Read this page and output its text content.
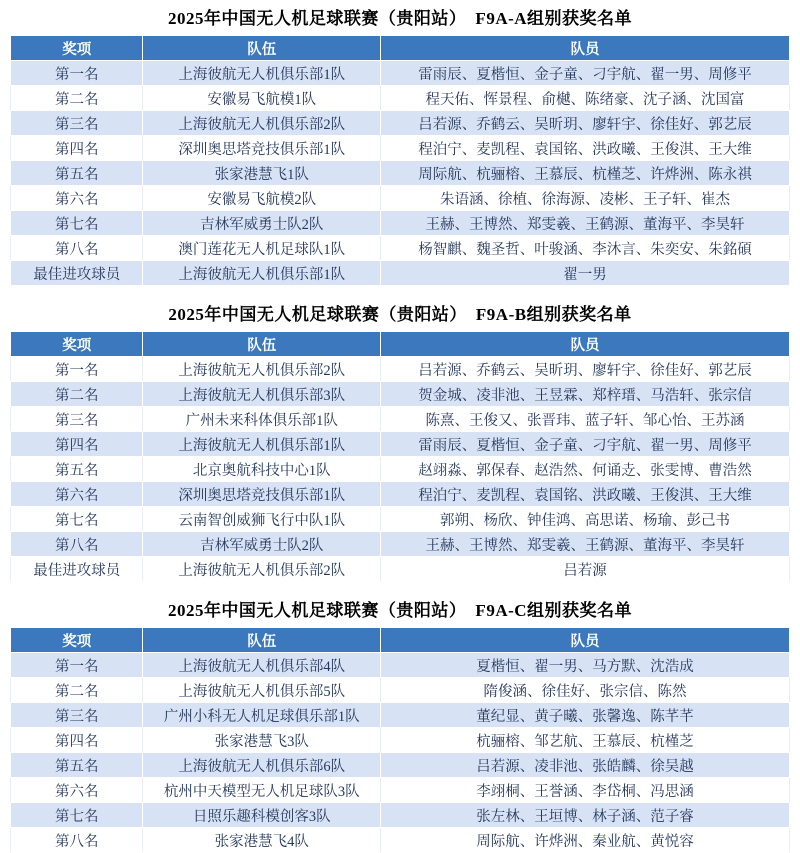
2025年中国无人机足球联赛（贵阳站）　F9A-A组别获奖名单
奖项	队伍	队员
第一名	上海彼航无人机俱乐部1队	雷雨辰、夏楷恒、金子童、刁宇航、翟一男、周修平
第二名	安徽易飞航模1队	程天佑、恽景程、俞樾、陈绪豪、沈子涵、沈国富
第三名	上海彼航无人机俱乐部2队	吕若源、乔鹤云、吴昕玥、廖轩宇、徐佳好、郭艺辰
第四名	深圳奥思塔竞技俱乐部1队	程泊宁、麦凯程、袁国铭、洪政曦、王俊淇、王大维
第五名	张家港慧飞1队	周际航、杭骊榕、王慕辰、杭槿芝、许烨洲、陈永祺
第六名	安徽易飞航模2队	朱语涵、徐植、徐海源、凌彬、王子轩、崔杰
第七名	吉林军威勇士队2队	王赫、王博然、郑雯羲、王鹤源、董海平、李昊轩
第八名	澳门莲花无人机足球队1队	杨智麒、魏圣哲、叶骏涵、李沐言、朱奕安、朱銘碩
最佳进攻球员	上海彼航无人机俱乐部1队	翟一男
2025年中国无人机足球联赛（贵阳站）　F9A-B组别获奖名单
奖项	队伍	队员
第一名	上海彼航无人机俱乐部2队	吕若源、乔鹤云、吴昕玥、廖轩宇、徐佳好、郭艺辰
第二名	上海彼航无人机俱乐部3队	贺金城、凌非池、王昱霖、郑梓瑨、马浩轩、张宗信
第三名	广州未来科体俱乐部1队	陈熹、王俊又、张晋玮、蓝子轩、邹心怡、王苏涵
第四名	上海彼航无人机俱乐部1队	雷雨辰、夏楷恒、金子童、刁宇航、翟一男、周修平
第五名	北京奥航科技中心1队	赵翊淼、郭保春、赵浩然、何诵赱、张雯博、曹浩然
第六名	深圳奥思塔竞技俱乐部1队	程泊宁、麦凯程、袁国铭、洪政曦、王俊淇、王大维
第七名	云南智创威狮飞行中队1队	郭朔、杨欣、钟佳鸿、高思诺、杨瑜、彭己书
第八名	吉林军威勇士队2队	王赫、王博然、郑雯羲、王鹤源、董海平、李昊轩
最佳进攻球员	上海彼航无人机俱乐部2队	吕若源
2025年中国无人机足球联赛（贵阳站）　F9A-C组别获奖名单
奖项	队伍	队员
第一名	上海彼航无人机俱乐部4队	夏楷恒、翟一男、马方默、沈浩成
第二名	上海彼航无人机俱乐部5队	隋俊涵、徐佳好、张宗信、陈然
第三名	广州小科无人机足球俱乐部1队	董纪显、黄子曦、张馨逸、陈芊芊
第四名	张家港慧飞3队	杭骊榕、邹艺航、王慕辰、杭槿芝
第五名	上海彼航无人机俱乐部6队	吕若源、凌非池、张皓麟、徐吴越
第六名	杭州中天模型无人机足球队3队	李翊桐、王誉涵、李岱桐、冯思涵
第七名	日照乐趣科模创客3队	张左林、王垣博、林子涵、范子睿
第八名	张家港慧飞4队	周际航、许烨洲、秦业航、黄悦容
